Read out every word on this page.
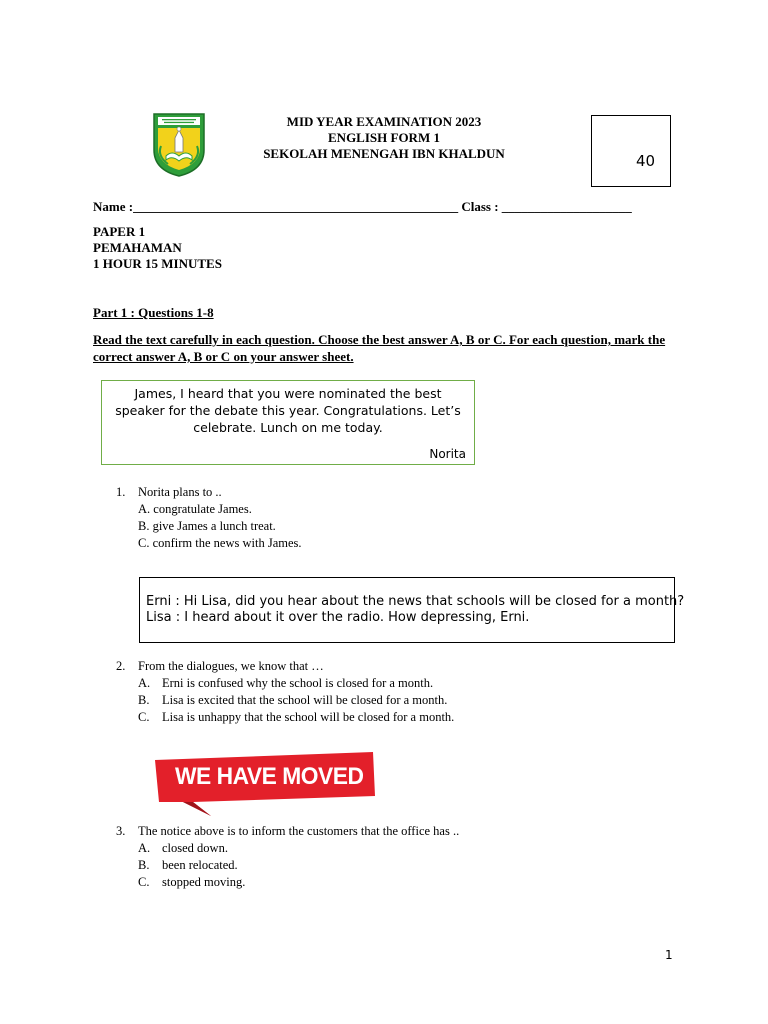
MID YEAR EXAMINATION 2023
ENGLISH FORM 1
SEKOLAH MENENGAH IBN KHALDUN	40
Name :__________________________________________________ Class : ____________________
PAPER 1
PEMAHAMAN
1 HOUR 15 MINUTES
Part 1 : Questions 1-8
Read the text carefully in each question. Choose the best answer A, B or C. For each question, mark the correct answer A, B or C on your answer sheet.
James, I heard that you were nominated the best speaker for the debate this year. Congratulations. Let’s celebrate. Lunch on me today.
Norita
1.	Norita plans to ..
A. congratulate James.
B. give James a lunch treat.
C. confirm the news with James.
Erni : Hi Lisa, did you hear about the news that schools will be closed for a month?
Lisa : I heard about it over the radio. How depressing, Erni.
2.	From the dialogues, we know that …
A. Erni is confused why the school is closed for a month.
B.	Lisa is excited that the school will be closed for a month.
C.	Lisa is unhappy that the school will be closed for a month.
WE HAVE MOVED
3.	The notice above is to inform the customers that the office has ..
A. closed down.
B.	been relocated.
C.	stopped moving.
1
